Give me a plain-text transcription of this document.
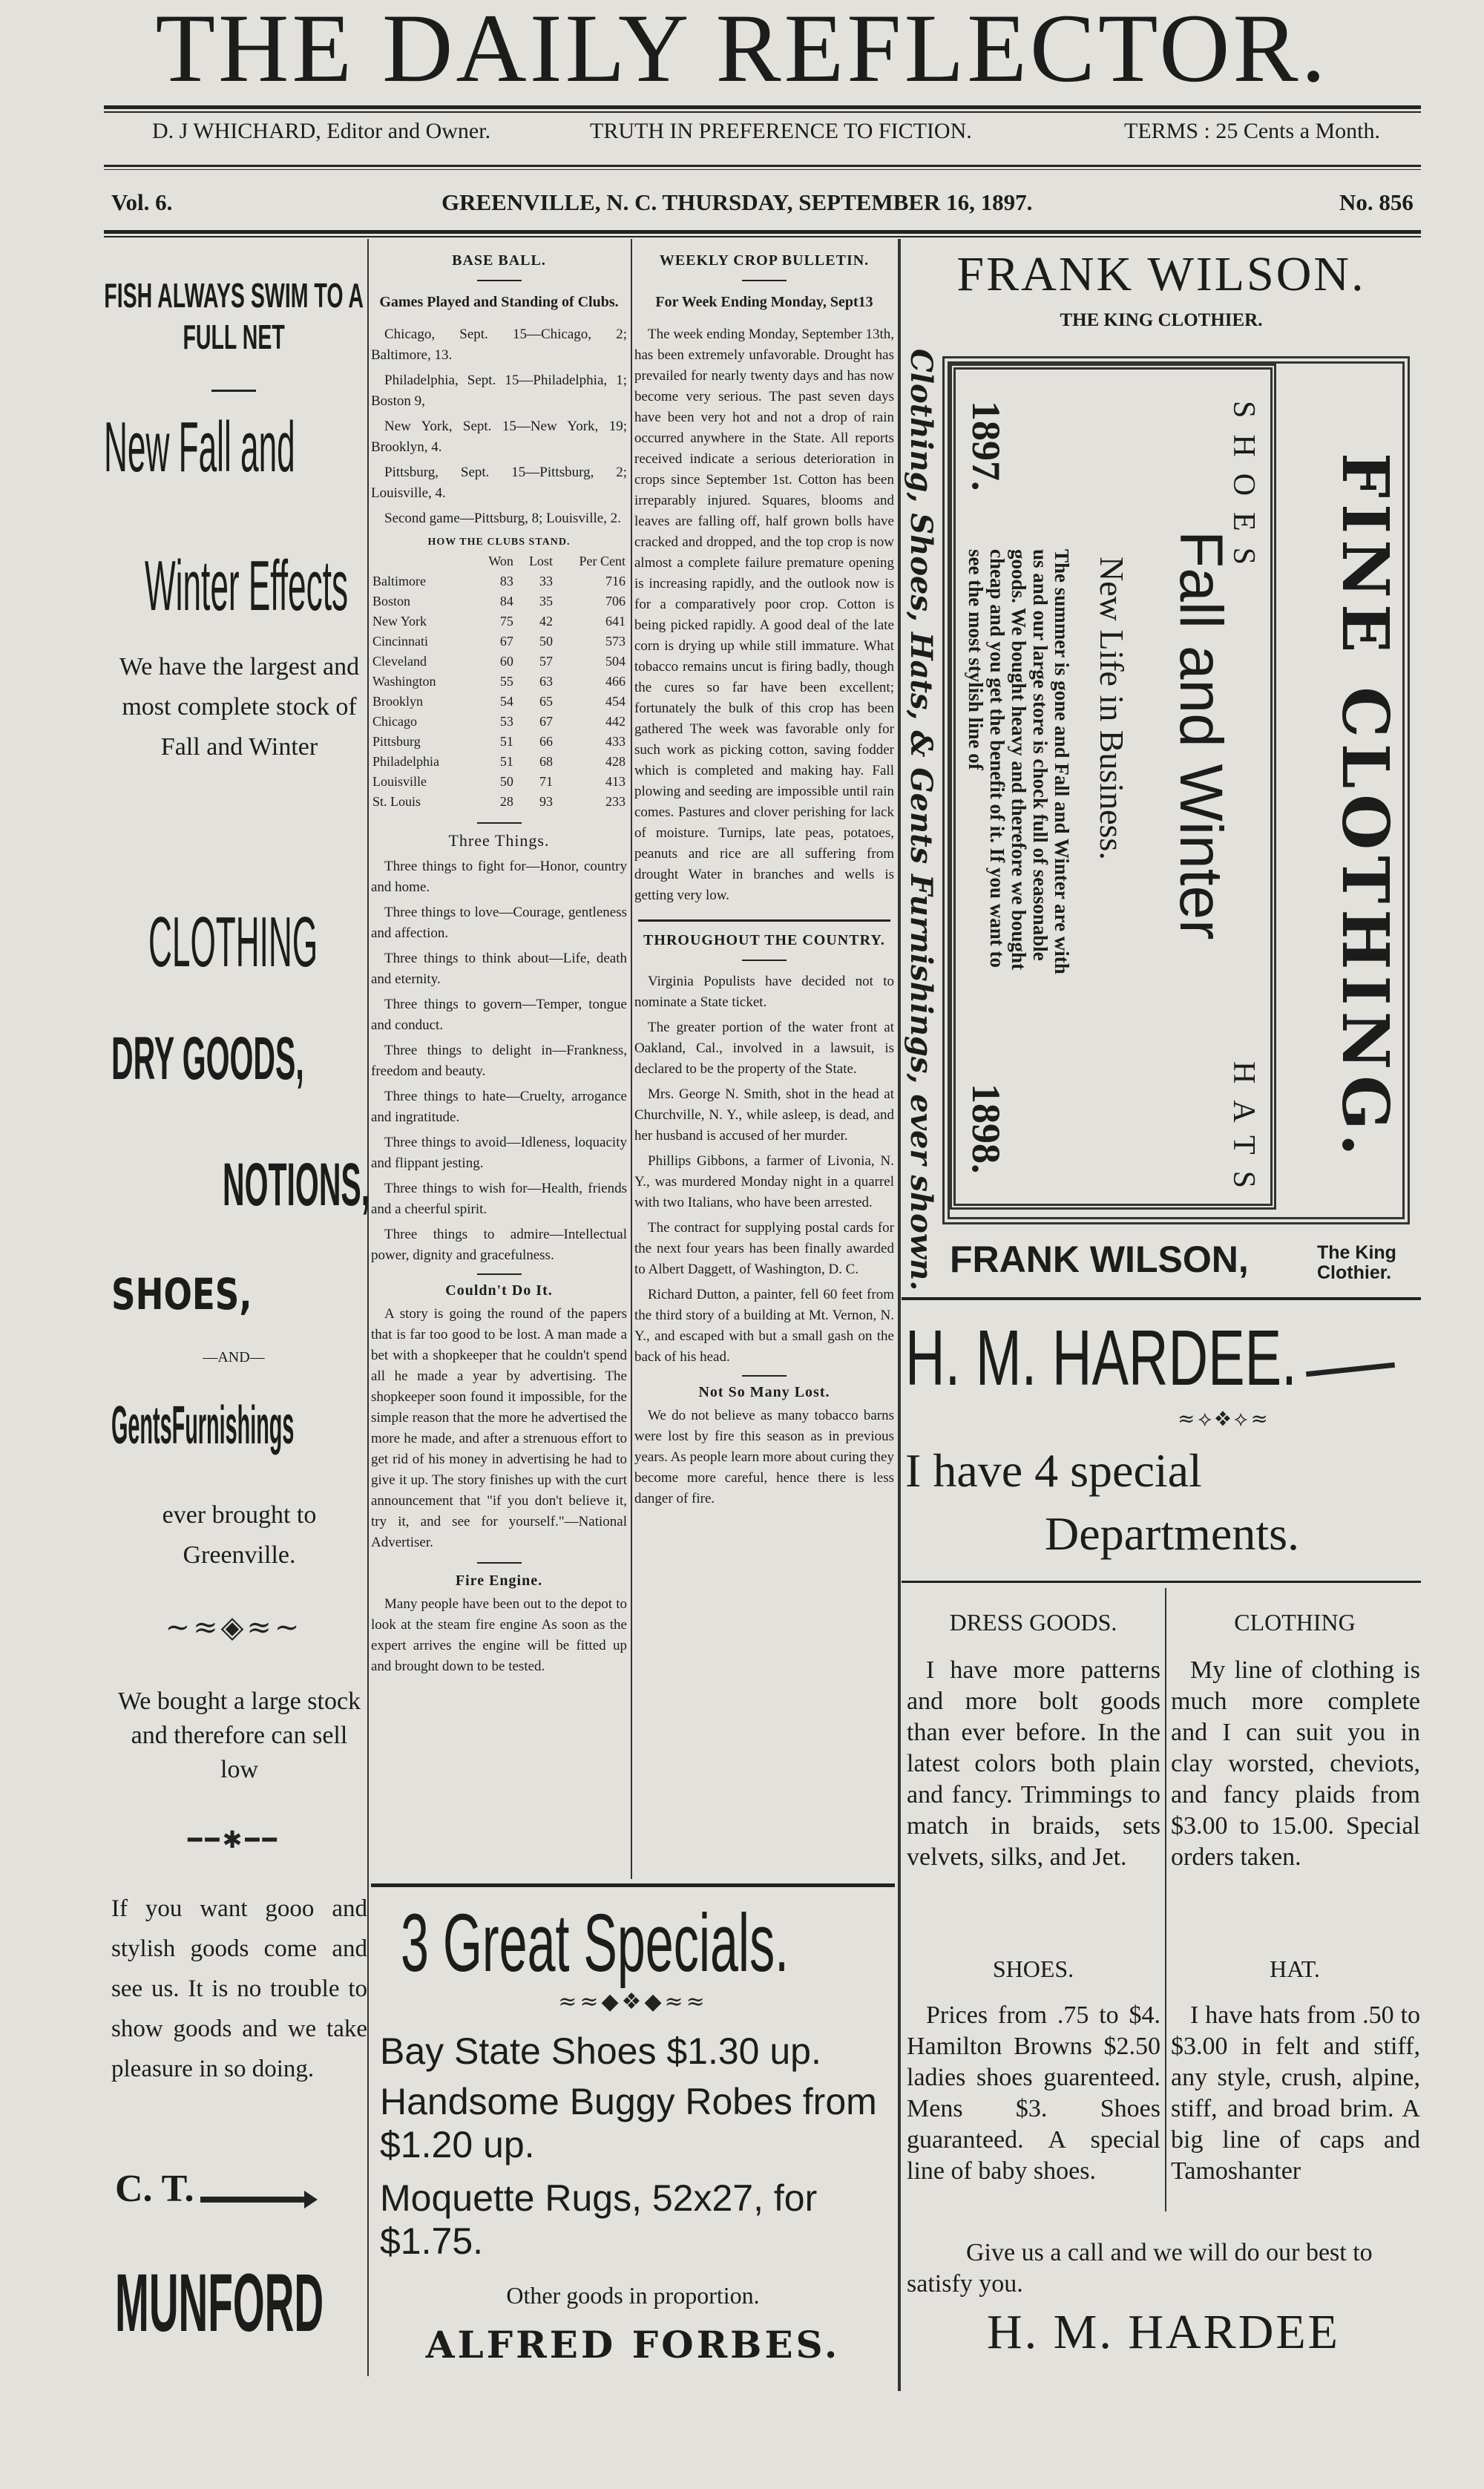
THE DAILY REFLECTOR.
D. J WHICHARD, Editor and Owner.	TRUTH IN PREFERENCE TO FICTION.	TERMS : 25 Cents a Month.
Vol. 6.	GREENVILLE, N. C. THURSDAY, SEPTEMBER 16, 1897.	No. 856
FISH ALWAYS SWIM TO A FULL NET
New Fall and
Winter Effects
We have the largest and most complete stock of Fall and Winter
CLOTHING
DRY GOODS,
NOTIONS,
SHOES,
—AND—
GentsFurnishings
ever brought to Greenville.
~≈◈≈~
We bought a large stock and therefore can sell low
━━✱━━
If you want gooo and stylish goods come and see us. It is no trouble to show goods and we take pleasure in so doing.
C. T.
MUNFORD
BASE BALL.
Games Played and Standing of Clubs.

Chicago, Sept. 15—Chicago, 2; Baltimore, 13.

Philadelphia, Sept. 15—Philadelphia, 1; Boston 9,

New York, Sept. 15—New York, 19; Brooklyn, 4.

Pittsburg, Sept. 15—Pittsburg, 2; Louisville, 4.

Second game—Pittsburg, 8; Louisville, 2.

HOW THE CLUBS STAND.
	Won	Lost	Per Cent
Baltimore	83	33	716
Boston	84	35	706
New York	75	42	641
Cincinnati	67	50	573
Cleveland	60	57	504
Washington	55	63	466
Brooklyn	54	65	454
Chicago	53	67	442
Pittsburg	51	66	433
Philadelphia	51	68	428
Louisville	50	71	413
St. Louis	28	93	233
Three Things.

Three things to fight for—Honor, country and home.

Three things to love—Courage, gentleness and affection.

Three things to think about—Life, death and eternity.

Three things to govern—Temper, tongue and conduct.

Three things to delight in—Frankness, freedom and beauty.

Three things to hate—Cruelty, arrogance and ingratitude.

Three things to avoid—Idleness, loquacity and flippant jesting.

Three things to wish for—Health, friends and a cheerful spirit.

Three things to admire—Intellectual power, dignity and gracefulness.

Couldn't Do It.

A story is going the round of the papers that is far too good to be lost. A man made a bet with a shopkeeper that he couldn't spend all he made a year by advertising. The shopkeeper soon found it impossible, for the simple reason that the more he advertised the more he made, and after a strenuous effort to get rid of his money in advertising he had to give it up. The story finishes up with the curt announcement that "if you don't believe it, try it, and see for yourself."—National Advertiser.

Fire Engine.

Many people have been out to the depot to look at the steam fire engine As soon as the expert arrives the engine will be fitted up and brought down to be tested.

WEEKLY CROP BULLETIN.
For Week Ending Monday, Sept13

The week ending Monday, September 13th, has been extremely unfavorable. Drought has prevailed for nearly twenty days and has now become very serious. The past seven days have been very hot and not a drop of rain occurred anywhere in the State. All reports received indicate a serious deterioration in crops since September 1st. Cotton has been irreparably injured. Squares, blooms and leaves are falling off, half grown bolls have cracked and dropped, and the top crop is now almost a complete failure premature opening is increasing rapidly, and the outlook now is for a comparatively poor crop. Cotton is being picked rapidly. A good deal of the late corn is drying up while still immature. What tobacco remains uncut is firing badly, though the cures so far have been excellent; fortunately the bulk of this crop has been gathered The week was favorable only for such work as picking cotton, saving fodder which is completed and making hay. Fall plowing and seeding are impossible until rain comes. Pastures and clover perishing for lack of moisture. Turnips, late peas, potatoes, peanuts and rice are all suffering from drought Water in branches and wells is getting very low.

THROUGHOUT THE COUNTRY.

Virginia Populists have decided not to nominate a State ticket.

The greater portion of the water front at Oakland, Cal., involved in a lawsuit, is declared to be the property of the State.

Mrs. George N. Smith, shot in the head at Churchville, N. Y., while asleep, is dead, and her husband is accused of her murder.

Phillips Gibbons, a farmer of Livonia, N. Y., was murdered Monday night in a quarrel with two Italians, who have been arrested.

The contract for supplying postal cards for the next four years has been finally awarded to Albert Daggett, of Washington, D. C.

Richard Dutton, a painter, fell 60 feet from the third story of a building at Mt. Vernon, N. Y., and escaped with but a small gash on the back of his head.

Not So Many Lost.

We do not believe as many tobacco barns were lost by fire this season as in previous years. As people learn more about curing they become more careful, hence there is less danger of fire.

3 Great Specials.
≈≈◆❖◆≈≈
Bay State Shoes $1.30 up.
Handsome Buggy Robes from $1.20 up.
Moquette Rugs, 52x27, for $1.75.
Other goods in proportion.
ALFRED FORBES.
FRANK WILSON.
THE KING CLOTHIER.
FINE CLOTHING.
SHOES
HATS
1897.
1898.
Fall and Winter
New Life in Business.
The summer is gone and Fall and Winter are with us and our large store is chock full of seasonable goods. We bought heavy and therefore we bought cheap and you get the benefit of it. If you want to see the most stylish line of
Clothing, Shoes, Hats, & Gents Furnishings, ever shown. FRANK WILSON,	The King Clothier.
H. M. HARDEE.
≈⟡❖⟡≈
I have 4 special
Departments.
DRESS GOODS.
I have more patterns and more bolt goods than ever before. In the latest colors both plain and fancy. Trimmings to match in braids, sets velvets, silks, and Jet.
CLOTHING
My line of clothing is much more complete and I can suit you in clay worsted, cheviots, and fancy plaids from $3.00 to 15.00. Special orders taken.
SHOES.
Prices from .75 to $4. Hamilton Browns $2.50 ladies shoes guarenteed. Mens $3. Shoes guaranteed. A special line of baby shoes.
HAT.
I have hats from .50 to $3.00 in felt and stiff, any style, crush, alpine, stiff, and broad brim. A big line of caps and Tamoshanter
Give us a call and we will do our best to satisfy you.
H. M. HARDEE
